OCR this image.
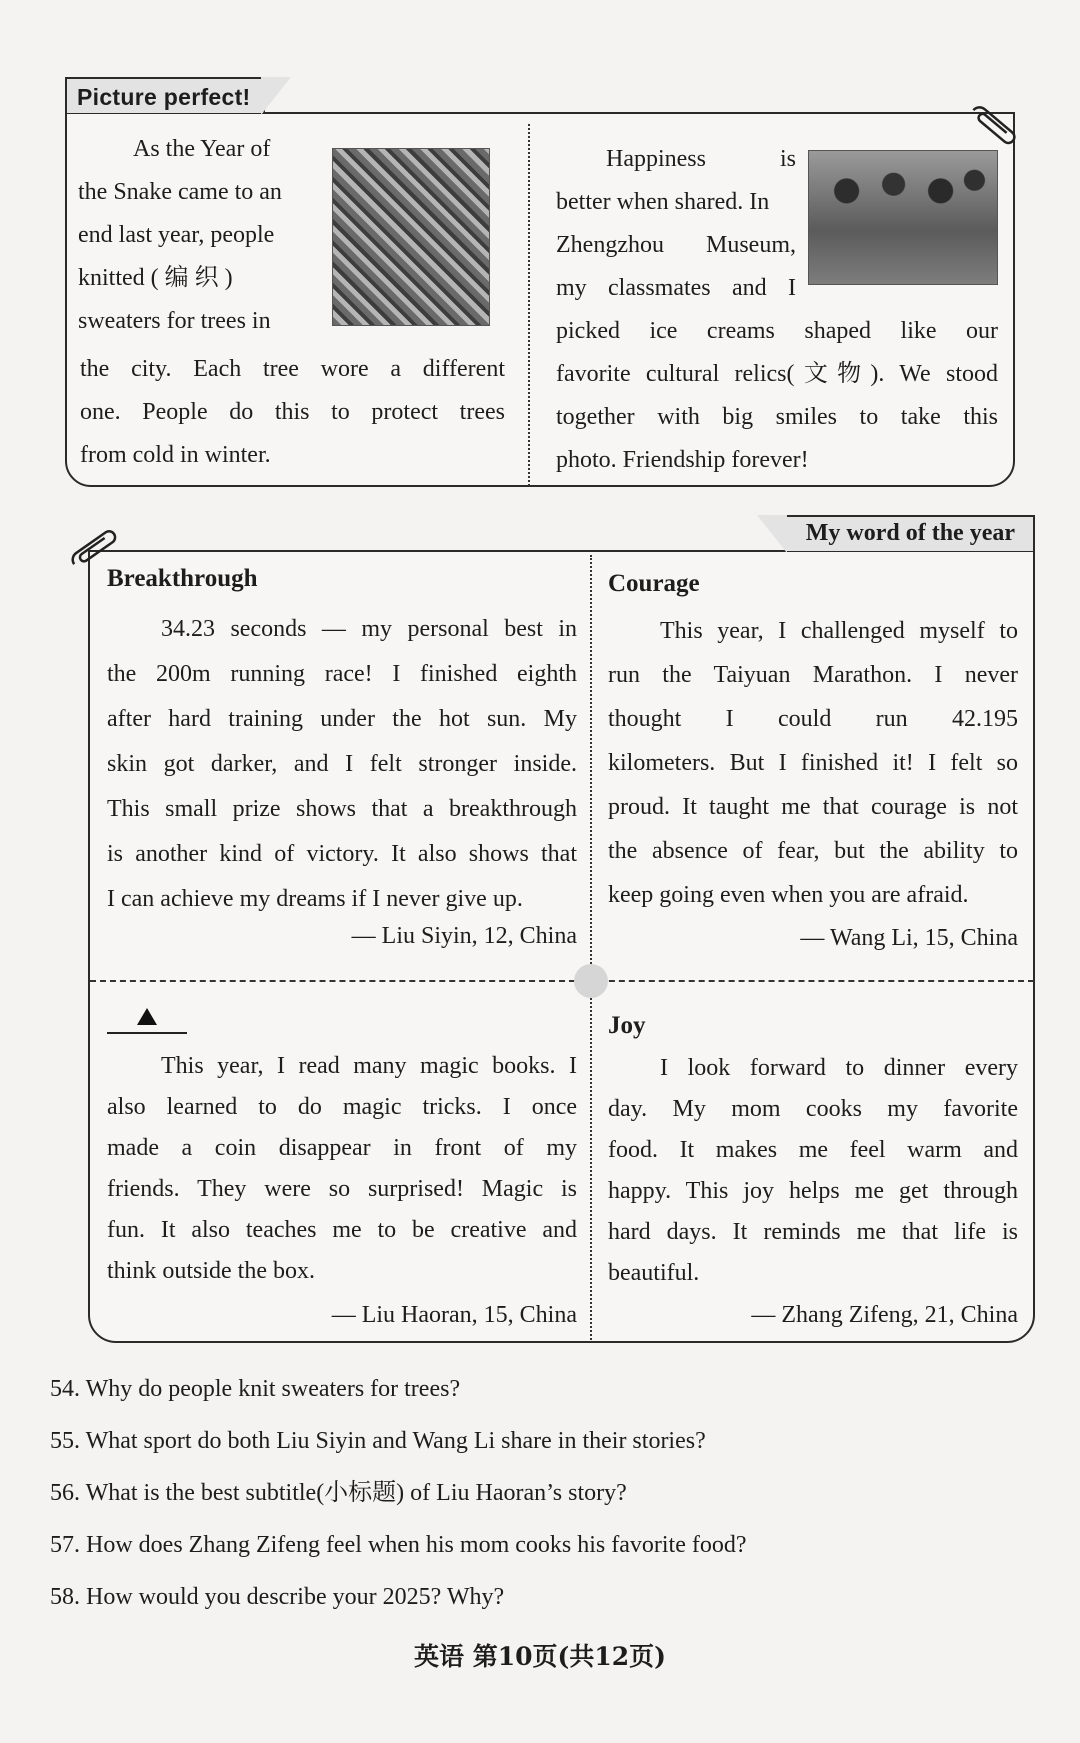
Picture perfect!
As the Year of
the Snake came to an
end last year, people
knitted ( 编 织 )
sweaters for trees in
the city. Each tree wore a different
one. People do this to protect trees
from cold in winter.
Happiness is
better when shared. In
Zhengzhou Museum,
my classmates and I
picked ice creams shaped like our
favorite cultural relics(文物). We stood
together with big smiles to take this
photo. Friendship forever!
My word of the year
Breakthrough
34.23 seconds — my personal best in
the 200m running race! I finished eighth
after hard training under the hot sun. My
skin got darker, and I felt stronger inside.
This small prize shows that a breakthrough
is another kind of victory. It also shows that
I can achieve my dreams if I never give up.
— Liu Siyin, 12, China
Courage
This year, I challenged myself to
run the Taiyuan Marathon. I never
thought I could run 42.195
kilometers. But I finished it! I felt so
proud. It taught me that courage is not
the absence of fear, but the ability to
keep going even when you are afraid.
— Wang Li, 15, China
This year, I read many magic books. I
also learned to do magic tricks. I once
made a coin disappear in front of my
friends. They were so surprised! Magic is
fun. It also teaches me to be creative and
think outside the box.
— Liu Haoran, 15, China
Joy
I look forward to dinner every
day. My mom cooks my favorite
food. It makes me feel warm and
happy. This joy helps me get through
hard days. It reminds me that life is
beautiful.
— Zhang Zifeng, 21, China
54. Why do people knit sweaters for trees?
55. What sport do both Liu Siyin and Wang Li share in their stories?
56. What is the best subtitle(小标题) of Liu Haoran’s story?
57. How does Zhang Zifeng feel when his mom cooks his favorite food?
58. How would you describe your 2025? Why?
英语 第10页(共12页)
